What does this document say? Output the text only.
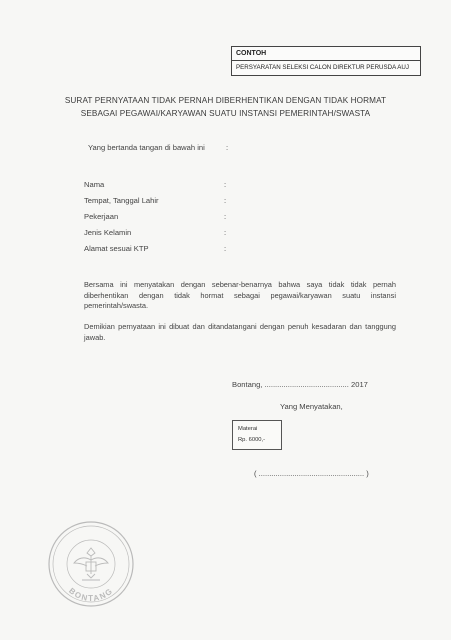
CONTOH
PERSYARATAN SELEKSI CALON DIREKTUR PERUSDA AUJ
SURAT PERNYATAAN TIDAK PERNAH DIBERHENTIKAN DENGAN TIDAK HORMAT
SEBAGAI PEGAWAI/KARYAWAN SUATU INSTANSI PEMERINTAH/SWASTA
Yang bertanda tangan di bawah ini	:
Nama	:
Tempat, Tanggal Lahir	:
Pekerjaan	:
Jenis Kelamin	:
Alamat sesuai KTP	:
Bersama ini menyatakan dengan sebenar-benarnya bahwa saya tidak tidak pernah diberhentikan dengan tidak hormat sebagai pegawai/karyawan suatu instansi pemerintah/swasta.
Demikian pernyataan ini dibuat dan ditandatangani dengan penuh kesadaran dan tanggung jawab.
Bontang, ........................................ 2017
Yang Menyatakan,
Materai
Rp. 6000,-
( .................................................. )
BONTANG
